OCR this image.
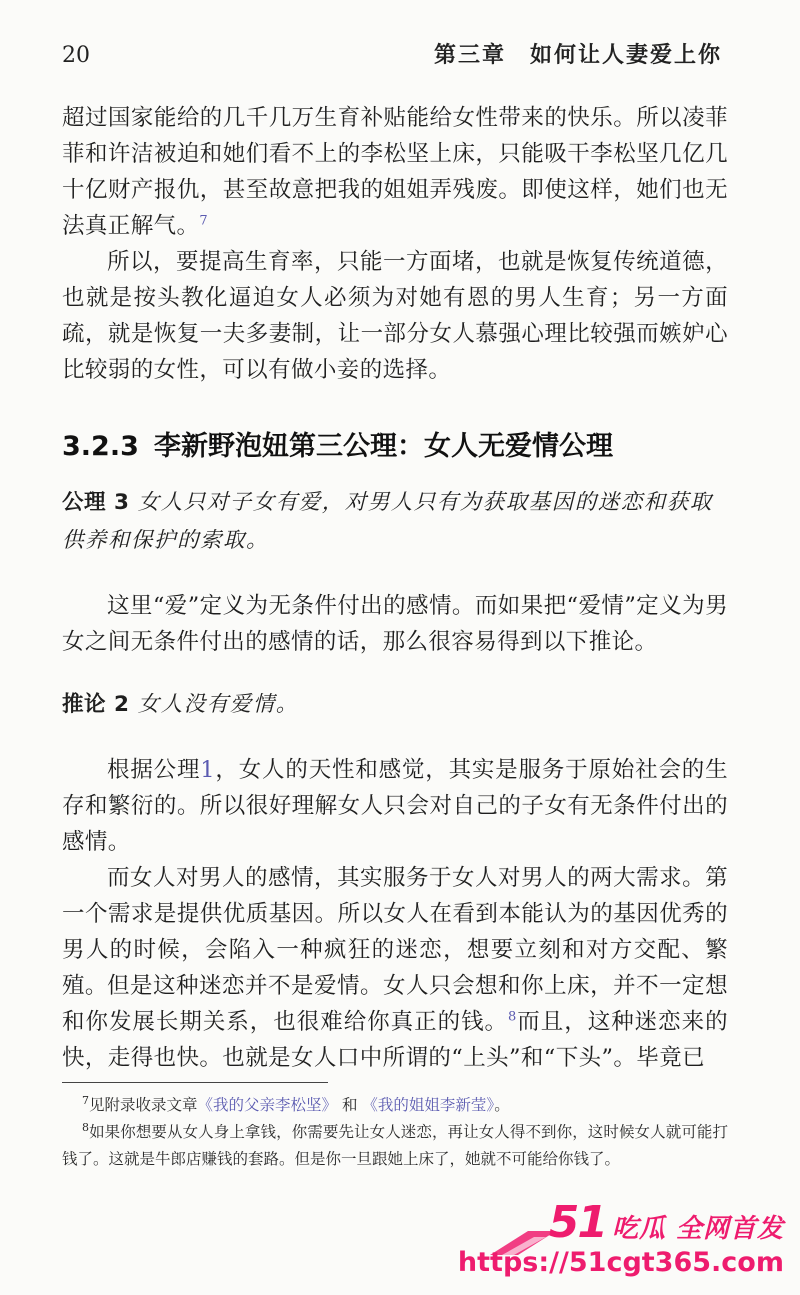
20	第三章　如何让人妻爱上你

超过国家能给的几千几万生育补贴能给女性带来的快乐。所以凌菲菲和许洁被迫和她们看不上的李松坚上床，只能吸干李松坚几亿几十亿财产报仇，甚至故意把我的姐姐弄残废。即使这样，她们也无法真正解气。$^7$

所以，要提高生育率，只能一方面堵，也就是恢复传统道德，也就是按头教化逼迫女人必须为对她有恩的男人生育；另一方面疏，就是恢复一夫多妻制，让一部分女人慕强心理比较强而嫉妒心比较弱的女性，可以有做小妾的选择。

3.2.3 李新野泡妞第三公理：女人无爱情公理
公理 3 女人只对子女有爱，对男人只有为获取基因的迷恋和获取供养和保护的索取。

这里“爱”定义为无条件付出的感情。而如果把“爱情”定义为男女之间无条件付出的感情的话，那么很容易得到以下推论。

推论 2 女人没有爱情。

根据公理1，女人的天性和感觉，其实是服务于原始社会的生存和繁衍的。所以很好理解女人只会对自己的子女有无条件付出的感情。

而女人对男人的感情，其实服务于女人对男人的两大需求。第一个需求是提供优质基因。所以女人在看到本能认为的基因优秀的男人的时候，会陷入一种疯狂的迷恋，想要立刻和对方交配、繁殖。 但是这种迷恋并不是爱情。女人只会想和你上床，并不一定想和你发展长期关系，也很难给你真正的钱。$^8$而且，这种迷恋来的快，走得也快。也就是女人口中所谓的“上头”和“下头”。毕竟已

$^7$见附录收录文章《我的父亲李松坚》 和 《我的姐姐李新莹》。

$^8$如果你想要从女人身上拿钱，你需要先让女人迷恋，再让女人得不到你，这时候女人就可能打钱了。这就是牛郎店赚钱的套路。但是你一旦跟她上床了，她就不可能给你钱了。

51 吃瓜 全网首发
https://51cgt365.com
